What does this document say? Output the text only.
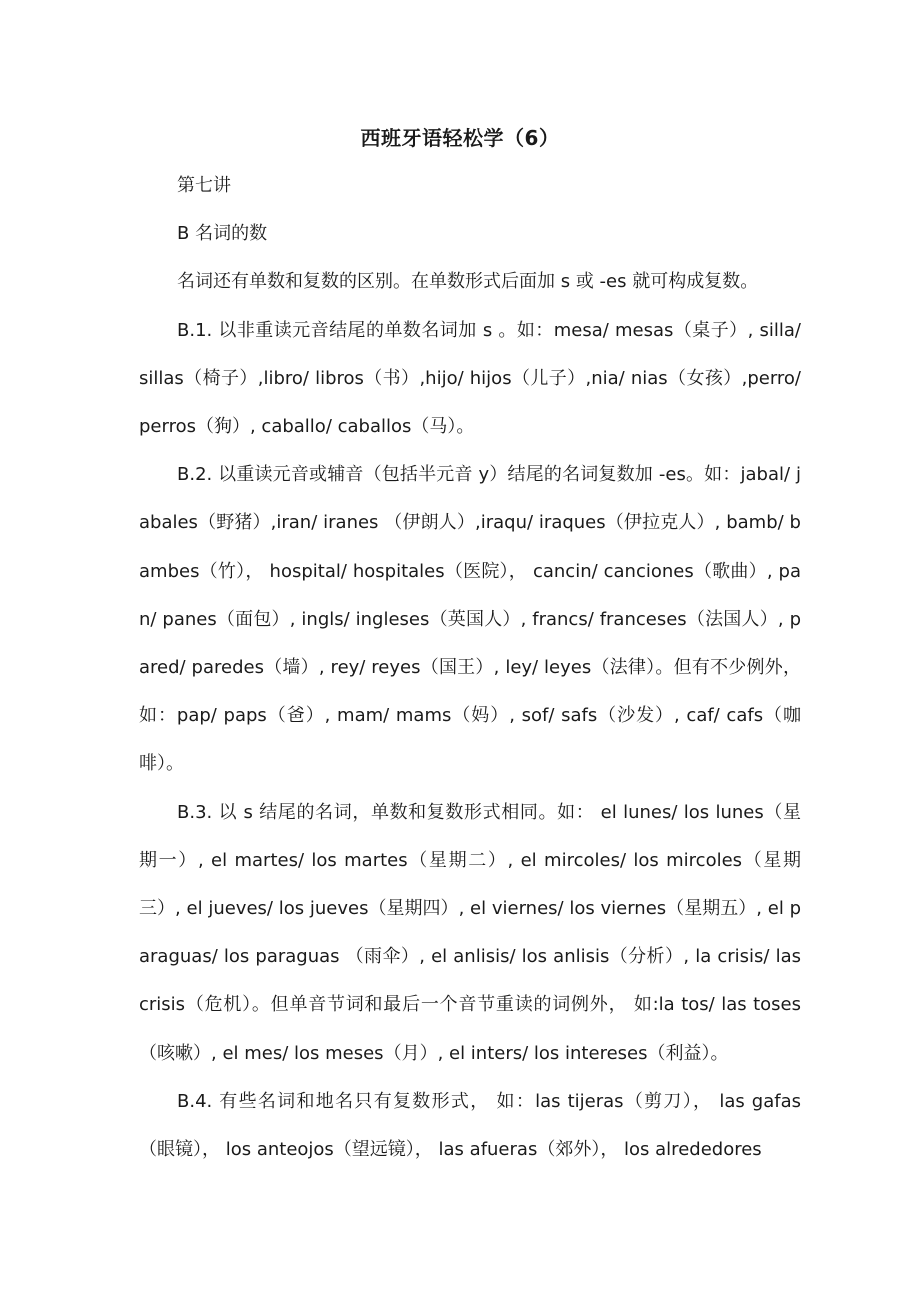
西班牙语轻松学（6）

第七讲

B 名词的数

名词还有单数和复数的区别。在单数形式后面加 s 或 -es 就可构成复数。

B.1. 以非重读元音结尾的单数名词加 s 。如：mesa/ mesas（桌子）, silla/ sillas（椅子）,libro/ libros（书）,hijo/ hijos（儿子）,nia/ nias（女孩）,perro/ perros（狗）, caballo/ caballos（马）。

B.2. 以重读元音或辅音（包括半元音 y）结尾的名词复数加 -es。如：jabal/ jabales（野猪）,iran/ iranes （伊朗人）,iraqu/ iraques（伊拉克人）, bamb/ bambes（竹）， hospital/ hospitales（医院）， cancin/ canciones（歌曲）, pan/ panes（面包）, ingls/ ingleses（英国人）, francs/ franceses（法国人）, pared/ paredes（墙）, rey/ reyes（国王）, ley/ leyes（法律）。但有不少例外， 如：pap/ paps（爸）, mam/ mams（妈）, sof/ safs（沙发）, caf/ cafs（咖啡）。

B.3. 以 s 结尾的名词，单数和复数形式相同。如： el lunes/ los lunes（星期一）, el martes/ los martes（星期二）, el mircoles/ los mircoles（星期三）, el jueves/ los jueves（星期四）, el viernes/ los viernes（星期五）, el paraguas/ los paraguas （雨伞）, el anlisis/ los anlisis（分析）, la crisis/ las crisis（危机）。但单音节词和最后一个音节重读的词例外， 如:la tos/ las toses（咳嗽）, el mes/ los meses（月）, el inters/ los intereses（利益）。

B.4. 有些名词和地名只有复数形式， 如：las tijeras（剪刀）， las gafas（眼镜）， los anteojos（望远镜）， las afueras（郊外）， los alrededores
